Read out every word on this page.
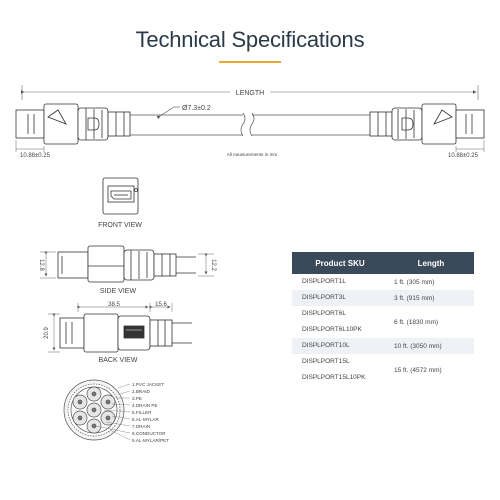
Technical Specifications
LENGTH
Ø7.3±0.2
10.88±0.25	10.88±0.25
All measurements in mm
FRONT VIEW
12.8	12.2
SIDE VIEW
38.5	15.6
20.9
BACK VIEW
1.PVC JACKET
2.BRAID
3.PE
4.DRAIN PE
5.FILLER
6.AL-MYLAR
7.DRAIN
8.CONDUCTOR
9.AL-MYLAR/PET
Product SKU	Length

DISPLPORT1L	1 ft. (305 mm)

DISPLPORT3L	3 ft. (915 mm)

DISPLPORT6L
DISPLPORT6L10PK	6 ft. (1830 mm)

DISPLPORT10L	10 ft. (3050 mm)

DISPLPORT15L
DISPLPORT15L10PK	15 ft. (4572 mm)
